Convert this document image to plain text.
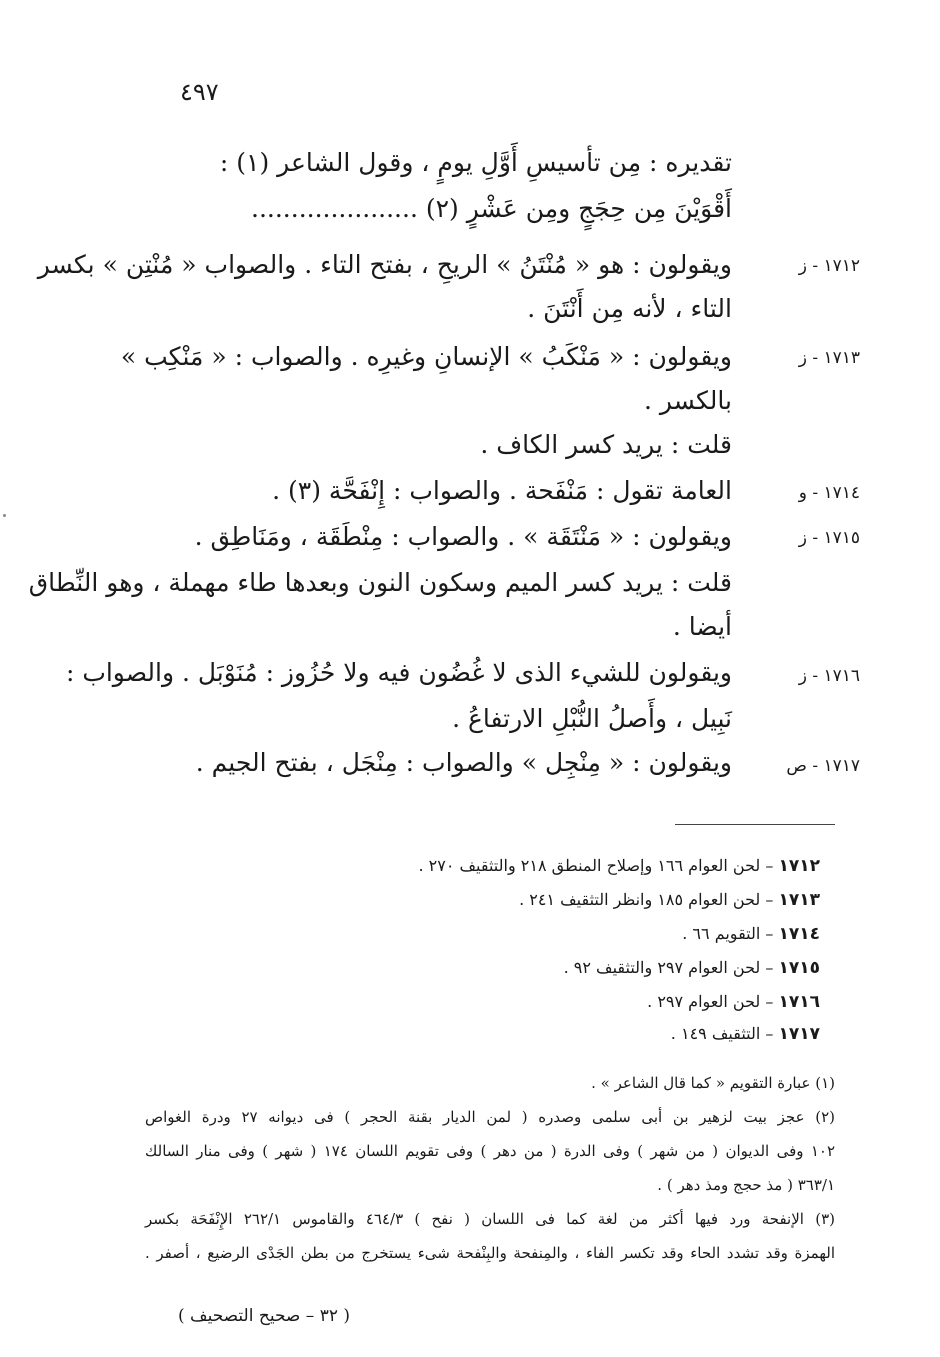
٤٩٧
تقديره : مِن تأسيسِ أَوَّلِ يومٍ ، وقول الشاعر (١) :
أَقْوَيْنَ مِن حِجَجٍ ومِن عَشْرٍ (٢) .....................
١٧١٢ - ز
ويقولون : هو « مُنْتَنُ » الريحِ ، بفتح التاء . والصواب « مُنْتِن » بكسر
التاء ، لأنه مِن أَنْتَنَ .
١٧١٣ - ز
ويقولون : « مَنْكَبُ » الإنسانِ وغيرِه . والصواب : « مَنْكِب »
بالكسر .
قلت : يريد كسر الكاف .
١٧١٤ - و
العامة تقول : مَنْفَحة . والصواب : إِنْفَحَّة (٣) .
١٧١٥ - ز
ويقولون : « مَنْتَقَة » . والصواب : مِنْطَقَة ، ومَنَاطِق .
قلت : يريد كسر الميم وسكون النون وبعدها طاء مهملة ، وهو النِّطاق
أيضا .
١٧١٦ - ز
ويقولون للشيء الذى لا غُضُون فيه ولا حُزُوز : مُنَوْبَل . والصواب :
نَبِيل ، وأَصلُ النُّبْلِ الارتفاعُ .
١٧١٧ - ص
ويقولون : « مِنْجِل » والصواب : مِنْجَل ، بفتح الجيم .
١٧١٢ – لحن العوام ١٦٦ وإصلاح المنطق ٢١٨ والتثقيف ٢٧٠ .
١٧١٣ – لحن العوام ١٨٥ وانظر التثقيف ٢٤١ .
١٧١٤ – التقويم ٦٦ .
١٧١٥ – لحن العوام ٢٩٧ والتثقيف ٩٢ .
١٧١٦ – لحن العوام ٢٩٧ .
١٧١٧ – التثقيف ١٤٩ .
(١) عبارة التقويم « كما قال الشاعر » .
(٢) عجز بيت لزهير بن أبى سلمى وصدره ( لمن الديار بقنة الحجر ) فى ديوانه ٢٧ ودرة الغواص
١٠٢ وفى الديوان ( من شهر ) وفى الدرة ( من دهر ) وفى تقويم اللسان ١٧٤ ( شهر ) وفى منار السالك
٣٦٣/١ ( مذ حجج ومذ دهر ) .
(٣) الإنفحة ورد فيها أكثر من لغة كما فى اللسان ( نفح ) ٤٦٤/٣ والقاموس ٢٦٢/١ الإِنْفَحَة بكسر
الهمزة وقد تشدد الحاء وقد تكسر الفاء ، والمِنفحة والبِنْفحة شىء يستخرج من بطن الجَدْى الرضيع ، أصفر .
( ٣٢ – صحيح التصحيف )
